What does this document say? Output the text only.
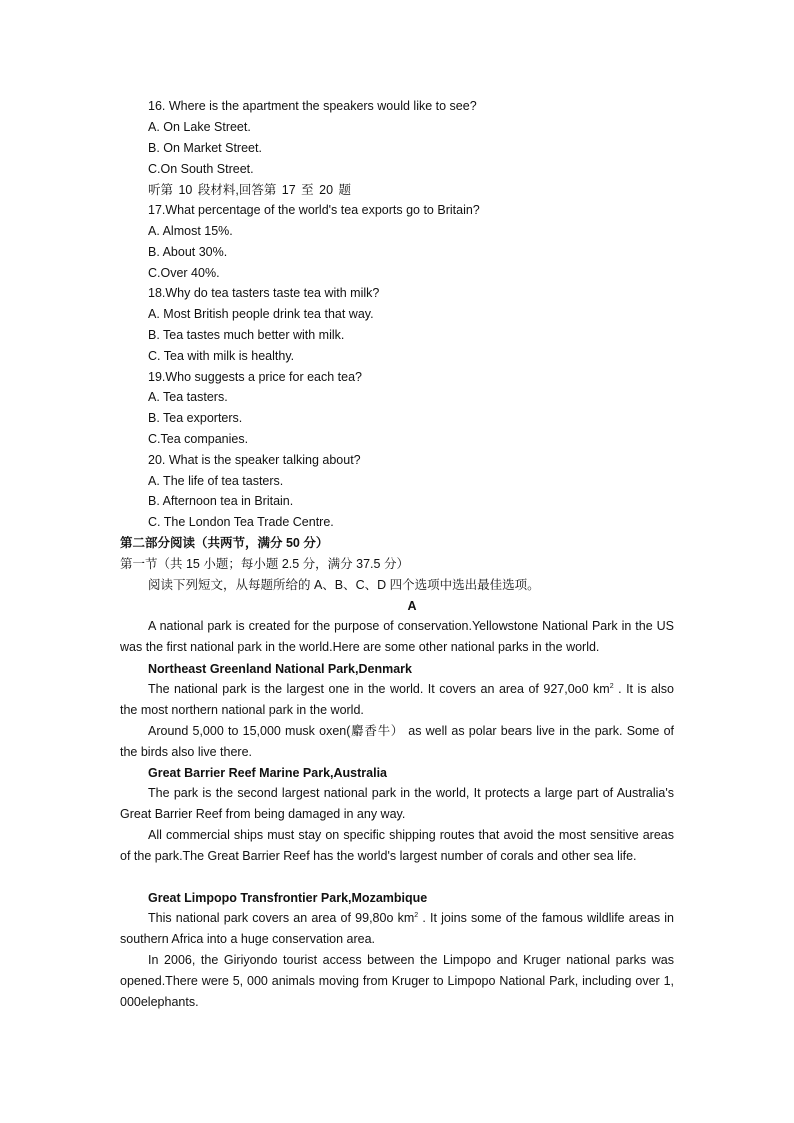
16. Where is the apartment the speakers would like to see?
A. On Lake Street.
B. On Market Street.
C.On South Street.
听第 10 段材料,回答第 17 至 20 题
17.What percentage of the world's tea exports go to Britain?
A. Almost 15%.
B. About 30%.
C.Over 40%.
18.Why do tea tasters taste tea with milk?
A. Most British people drink tea that way.
B. Tea tastes much better with milk.
C. Tea with milk is healthy.
19.Who suggests a price for each tea?
A. Tea tasters.
B. Tea exporters.
C.Tea companies.
20. What is the speaker talking about?
A. The life of tea tasters.
B. Afternoon tea in Britain.
C. The London Tea Trade Centre.
第二部分阅读（共两节，满分 50 分）
第一节（共 15 小题；每小题 2.5 分，满分 37.5 分）
阅读下列短文，从每题所给的 A、B、C、D 四个选项中选出最佳选项。
A
A national park is created for the purpose of conservation.Yellowstone National Park in the US was the first national park in the world.Here are some other national parks in the world.
Northeast Greenland National Park,Denmark
The national park is the largest one in the world. It covers an area of 927,0o0 $km^2$ . It is also the most northern national park in the world.
Around 5,000 to 15,000 musk oxen(麝香牛） as well as polar bears live in the park. Some of the birds also live there.
Great Barrier Reef Marine Park,Australia
The park is the second largest national park in the world, It protects a large part of Australia's Great Barrier Reef from being damaged in any way.
All commercial ships must stay on specific shipping routes that avoid the most sensitive areas of the park.The Great Barrier Reef has the world's largest number of corals and other sea life.
Great Limpopo Transfrontier Park,Mozambique
This national park covers an area of 99,80o $km^2$ . It joins some of the famous wildlife areas in southern Africa into a huge conservation area.
In 2006, the Giriyondo tourist access between the Limpopo and Kruger national parks was opened.There were 5, 000 animals moving from Kruger to Limpopo National Park, including over 1, 000elephants.
